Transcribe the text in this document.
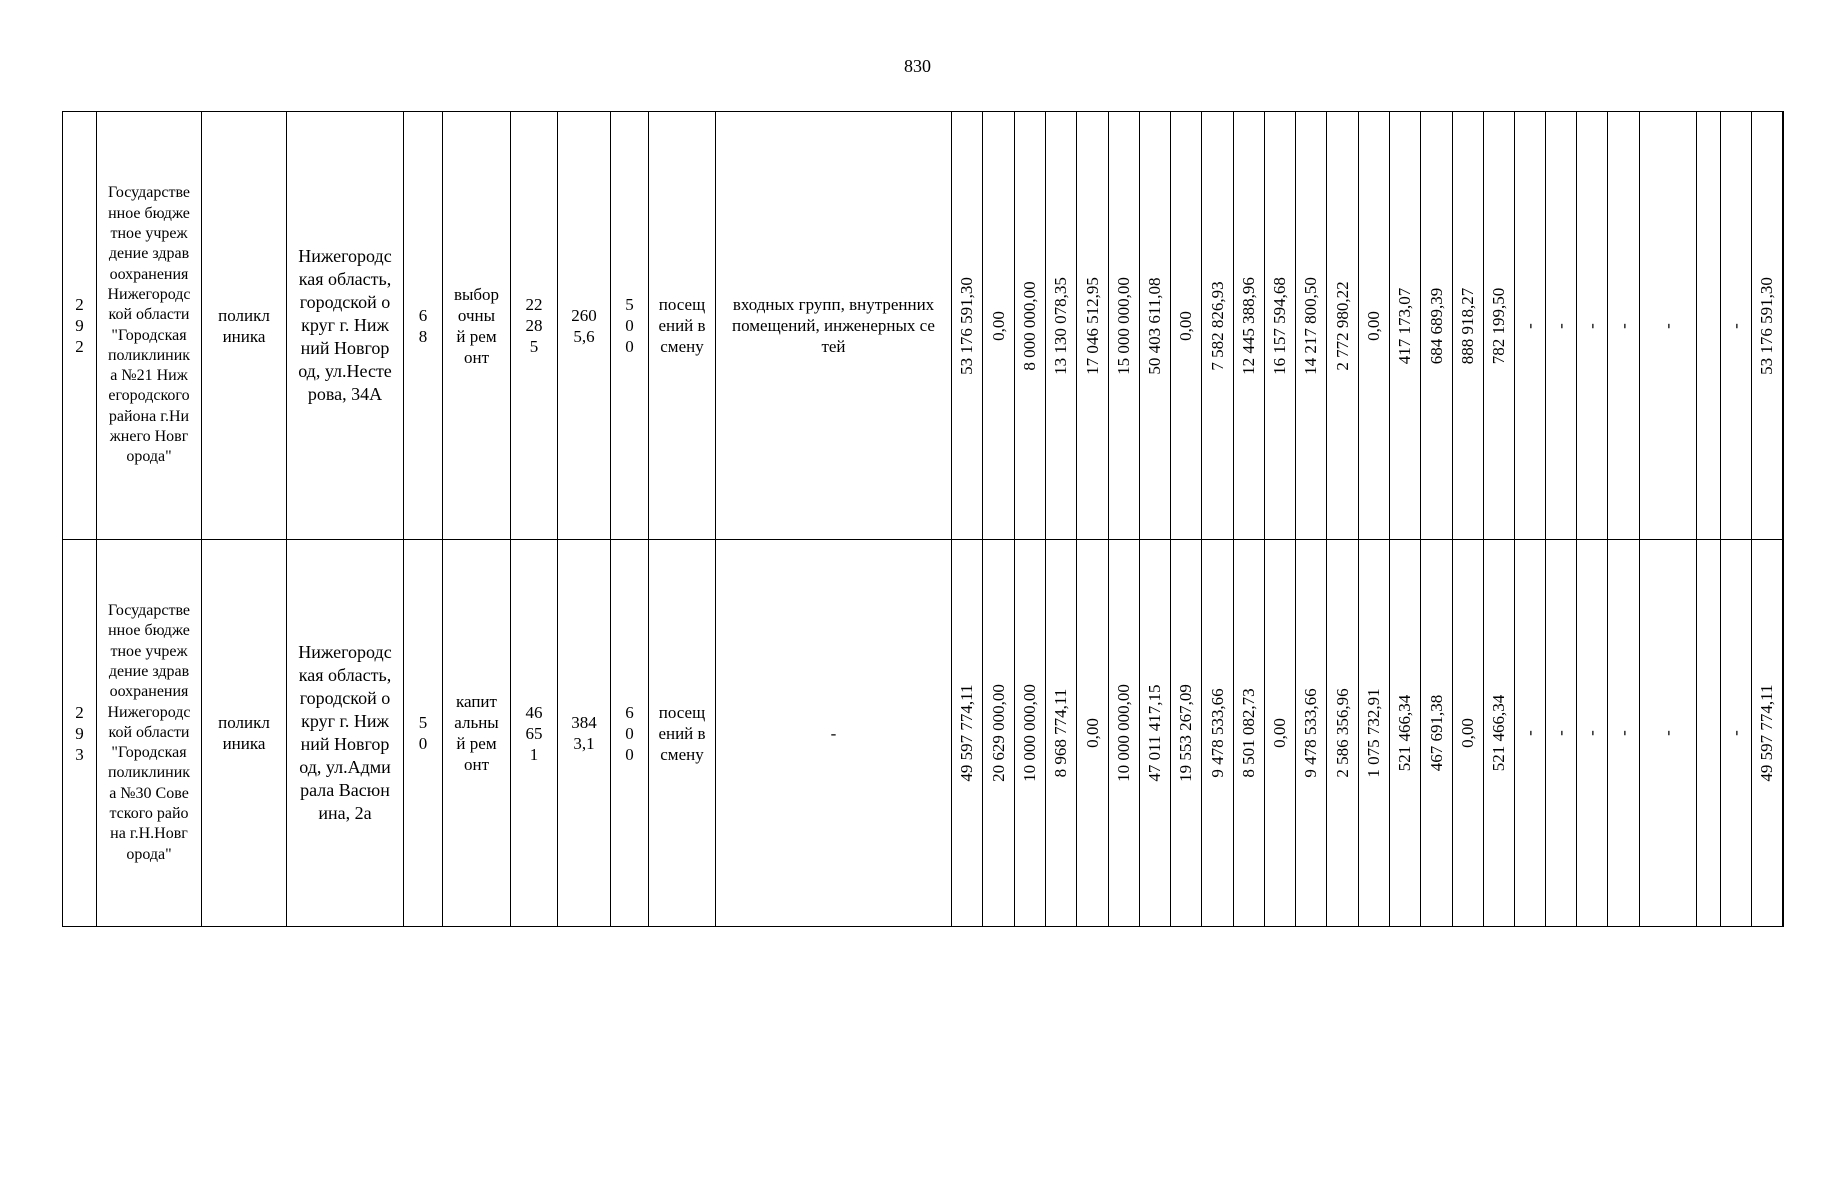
830
292	Государственное бюджетное учреждение здравоохранения Нижегородской области "Городская поликлиника №21 Нижегородского района г.Нижнего Новгорода"	поликлиника	Нижегородская область, городской округ г. Нижний Новгород, ул.Нестерова, 34А	68	выборочный ремонт	22285	2605,6	500	посещений в смену	входных групп, внутренних помещений, инженерных сетей	53 176 591,30	0,00	8 000 000,00	13 130 078,35	17 046 512,95	15 000 000,00	50 403 611,08	0,00	7 582 826,93	12 445 388,96	16 157 594,68	14 217 800,50	2 772 980,22	0,00	417 173,07	684 689,39	888 918,27	782 199,50	-	-	-	-	-		-	53 176 591,30

293	Государственное бюджетное учреждение здравоохранения Нижегородской области "Городская поликлиника №30 Советского района г.Н.Новгорода"	поликлиника	Нижегородская область, городской округ г. Нижний Новгород, ул.Адмирала Васюнина, 2а	50	капитальный ремонт	46651	3843,1	600	посещений в смену	-	49 597 774,11	20 629 000,00	10 000 000,00	8 968 774,11	0,00	10 000 000,00	47 011 417,15	19 553 267,09	9 478 533,66	8 501 082,73	0,00	9 478 533,66	2 586 356,96	1 075 732,91	521 466,34	467 691,38	0,00	521 466,34	-	-	-	-	-		-	49 597 774,11
